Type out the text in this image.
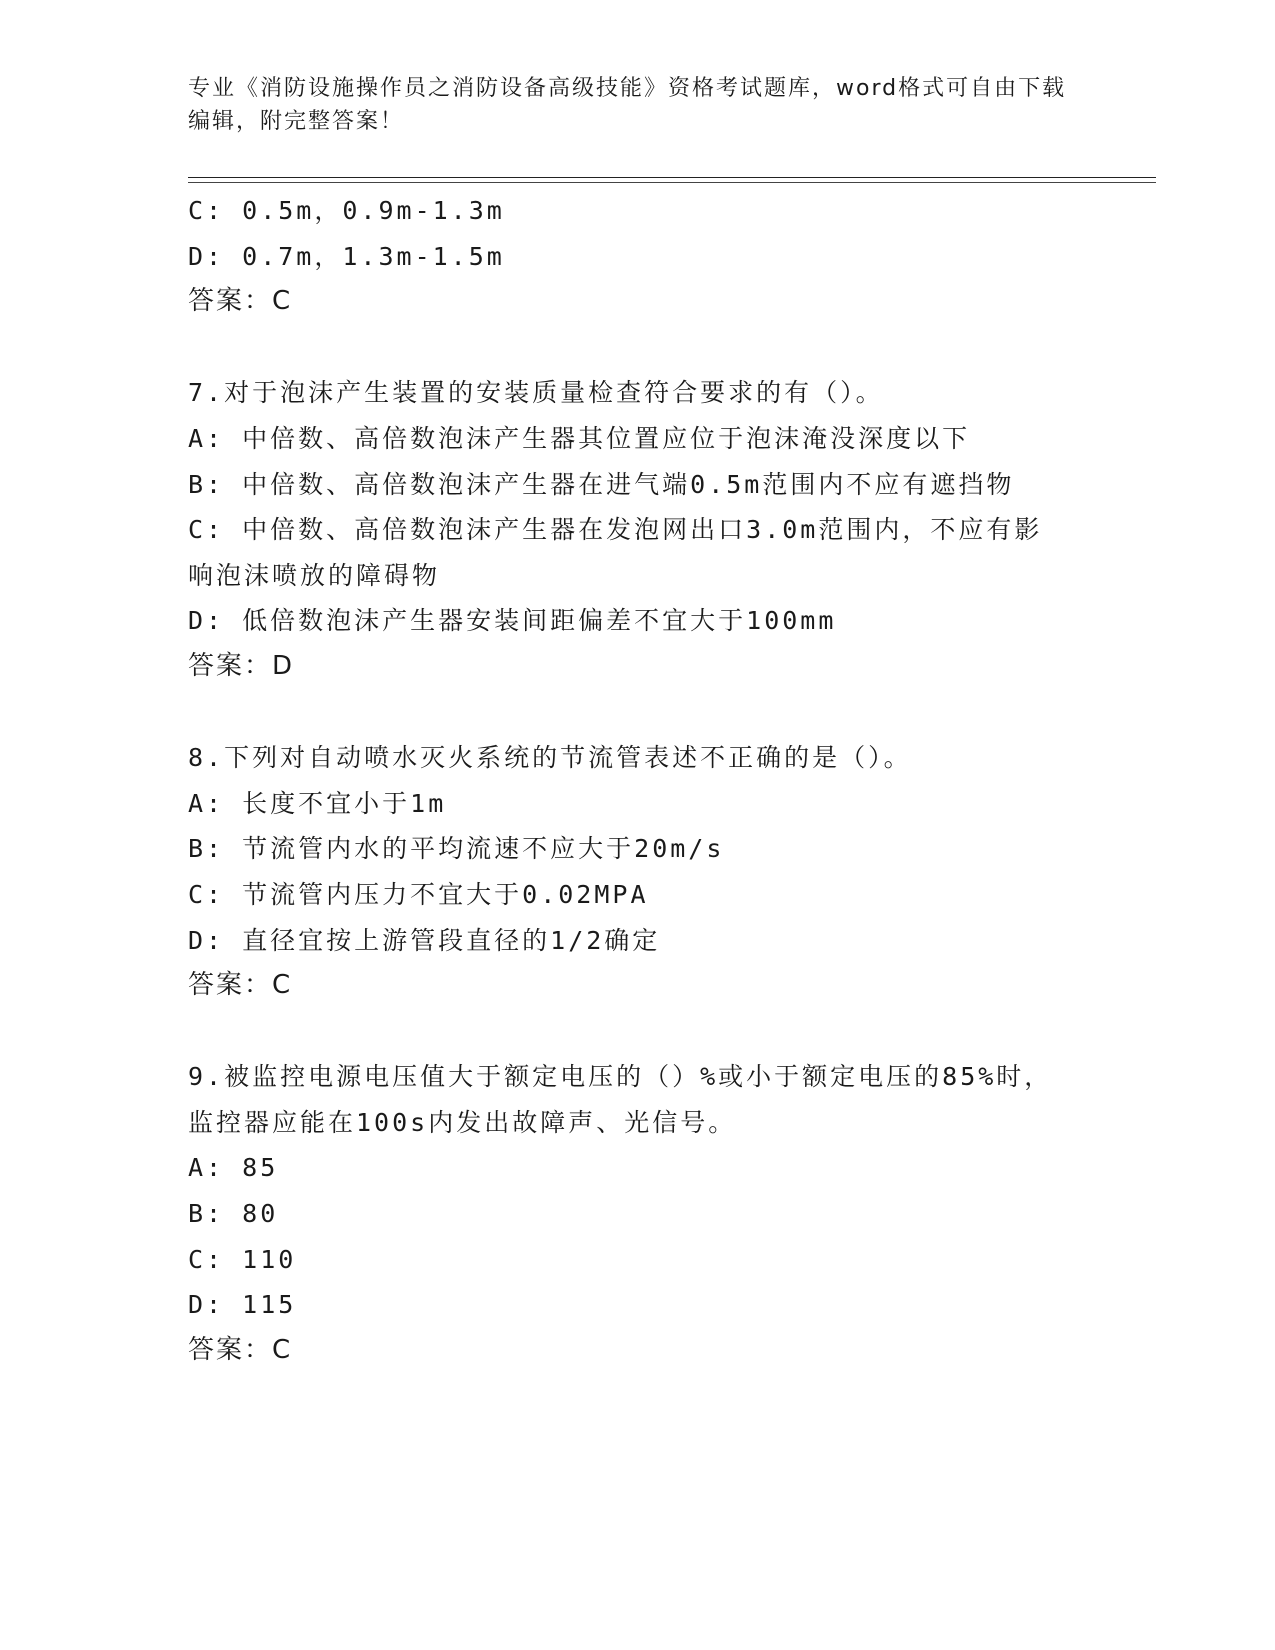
专业《消防设施操作员之消防设备高级技能》资格考试题库，word格式可自由下载编辑，附完整答案！
C: 0.5m，0.9m-1.3m
D: 0.7m，1.3m-1.5m
答案：C
7.对于泡沫产生装置的安装质量检查符合要求的有（）。
A: 中倍数、高倍数泡沫产生器其位置应位于泡沫淹没深度以下
B: 中倍数、高倍数泡沫产生器在进气端0.5m范围内不应有遮挡物
C: 中倍数、高倍数泡沫产生器在发泡网出口3.0m范围内，不应有影响泡沫喷放的障碍物
D: 低倍数泡沫产生器安装间距偏差不宜大于100mm
答案：D
8.下列对自动喷水灭火系统的节流管表述不正确的是（）。
A: 长度不宜小于1m
B: 节流管内水的平均流速不应大于20m/s
C: 节流管内压力不宜大于0.02MPA
D: 直径宜按上游管段直径的1/2确定
答案：C
9.被监控电源电压值大于额定电压的（）%或小于额定电压的85%时，监控器应能在100s内发出故障声、光信号。
A: 85
B: 80
C: 110
D: 115
答案：C
